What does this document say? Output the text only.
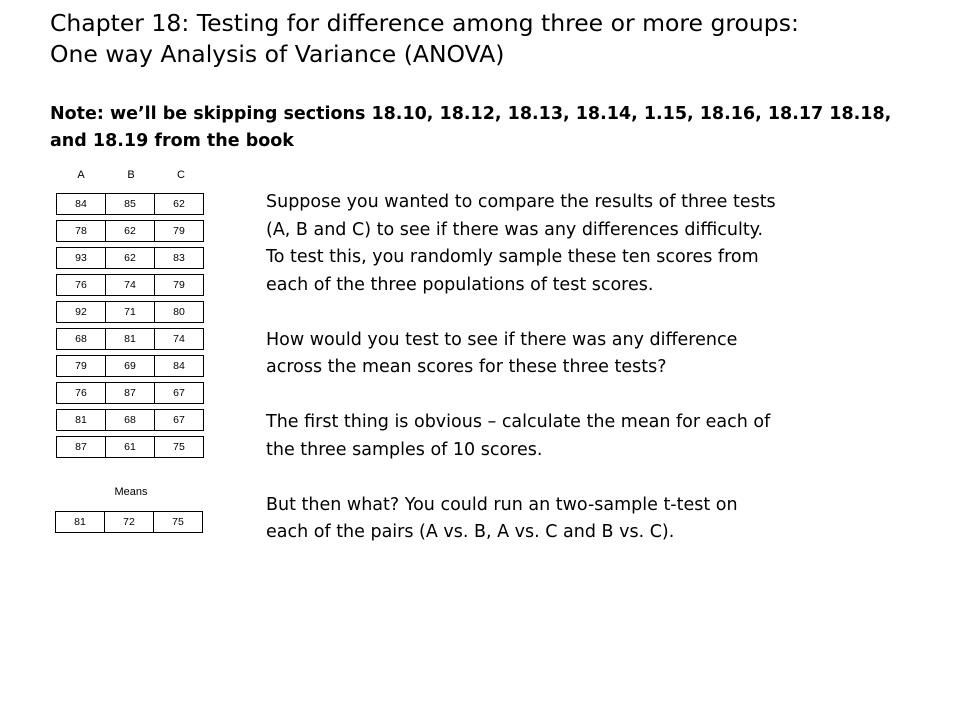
Chapter 18: Testing for difference among three or more groups:
One way Analysis of Variance (ANOVA)
Note: we’ll be skipping sections 18.10, 18.12, 18.13, 18.14, 1.15, 18.16, 18.17 18.18,
and 18.19 from the book
A	B	C
84	85	62
78	62	79
93	62	83
76	74	79
92	71	80
68	81	74
79	69	84
76	87	67
81	68	67
87	61	75
Means
81	72	75
Suppose you wanted to compare the results of three tests
(A, B and C) to see if there was any differences difficulty.
To test this, you randomly sample these ten scores from
each of the three populations of test scores.
How would you test to see if there was any difference
across the mean scores for these three tests?
The first thing is obvious – calculate the mean for each of
the three samples of 10 scores.
But then what? You could run an two-sample t-test on
each of the pairs (A vs. B, A vs. C and B vs. C).
